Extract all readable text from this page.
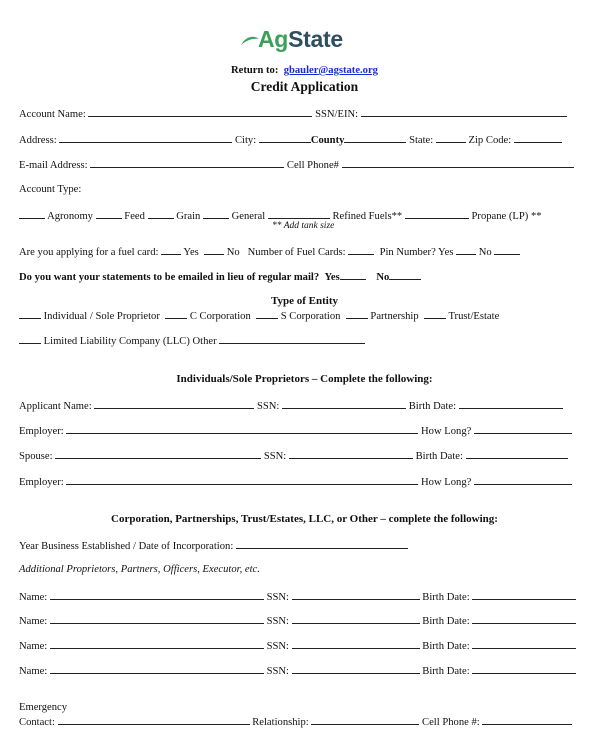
AgState
Return to: gbauler@agstate.org
Credit Application
Account Name:	SSN/EIN:
Address:	City:	County	State:	Zip Code:
E-mail Address:	Cell Phone#
Account Type:
Agronomy	Feed	Grain	General	Refined Fuels**	Propane (LP) **
** Add tank size
Are you applying for a fuel card: Yes	No Number of Fuel Cards:	Pin Number? Yes No
Do you want your statements to be emailed in lieu of regular mail? Yes	No
Type of Entity
Individual / Sole Proprietor	C Corporation	S Corporation	Partnership	Trust/Estate
Limited Liability Company (LLC) Other
Individuals/Sole Proprietors – Complete the following:
Applicant Name:	SSN:	Birth Date:
Employer:	How Long?
Spouse:	SSN:	Birth Date:
Employer:	How Long?
Corporation, Partnerships, Trust/Estates, LLC, or Other – complete the following:
Year Business Established / Date of Incorporation:
Additional Proprietors, Partners, Officers, Executor, etc.
Name:	SSN:	Birth Date:
Name:	SSN:	Birth Date:
Name:	SSN:	Birth Date:
Name:	SSN:	Birth Date:
Emergency
Contact:	Relationship:	Cell Phone #:
